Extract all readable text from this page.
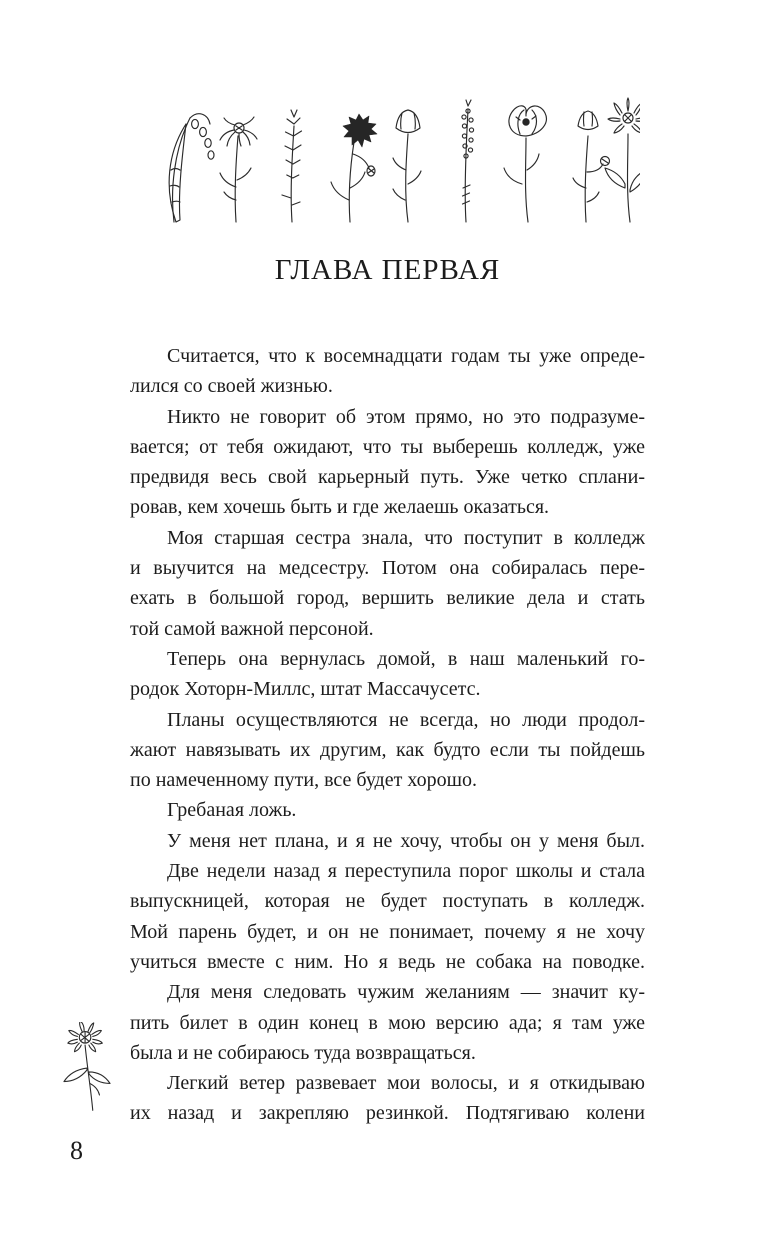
ГЛАВА ПЕРВАЯ
Считается, что к восемнадцати годам ты уже опреде-
лился со своей жизнью.
Никто не говорит об этом прямо, но это подразуме-
вается; от тебя ожидают, что ты выберешь колледж, уже
предвидя весь свой карьерный путь. Уже четко сплани-
ровав, кем хочешь быть и где желаешь оказаться.
Моя старшая сестра знала, что поступит в колледж
и выучится на медсестру. Потом она собиралась пере-
ехать в большой город, вершить великие дела и стать
той самой важной персоной.
Теперь она вернулась домой, в наш маленький го-
родок Хоторн-Миллс, штат Массачусетс.
Планы осуществляются не всегда, но люди продол-
жают навязывать их другим, как будто если ты пойдешь
по намеченному пути, все будет хорошо.
Гребаная ложь.
У меня нет плана, и я не хочу, чтобы он у меня был.
Две недели назад я переступила порог школы и стала
выпускницей, которая не будет поступать в колледж.
Мой парень будет, и он не понимает, почему я не хочу
учиться вместе с ним. Но я ведь не собака на поводке.
Для меня следовать чужим желаниям — значит ку-
пить билет в один конец в мою версию ада; я там уже
была и не собираюсь туда возвращаться.
Легкий ветер развевает мои волосы, и я откидываю
их назад и закрепляю резинкой. Подтягиваю колени
8
